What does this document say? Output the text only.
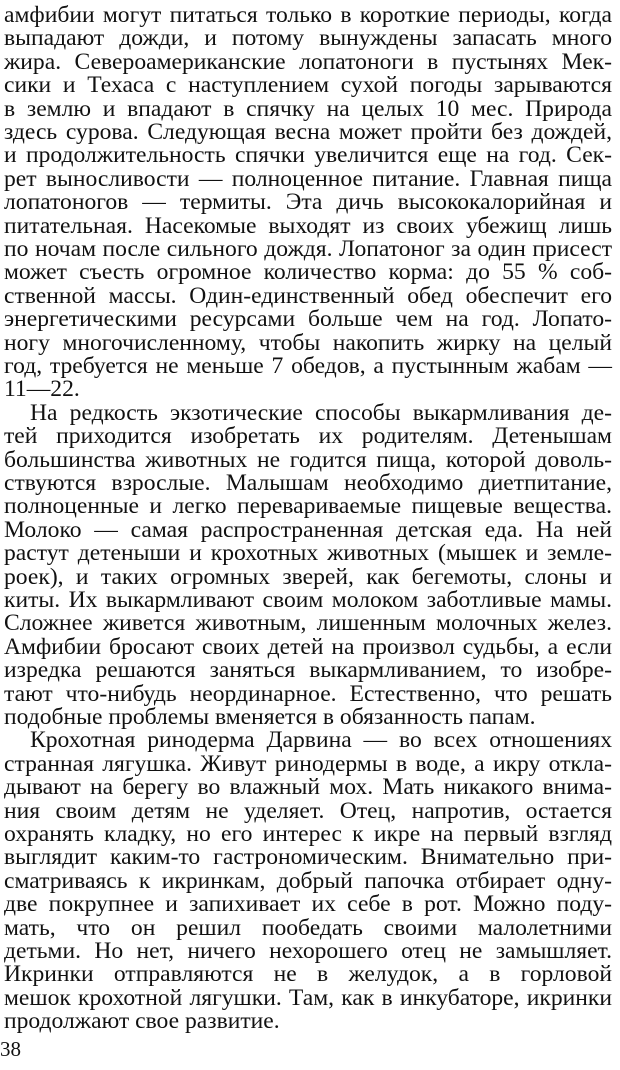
амфибии могут питаться только в короткие периоды, когда
выпадают дожди, и потому вынуждены запасать много
жира. Североамериканские лопатоноги в пустынях Мек-
сики и Техаса с наступлением сухой погоды зарываются
в землю и впадают в спячку на целых 10 мес. Природа
здесь сурова. Следующая весна может пройти без дождей,
и продолжительность спячки увеличится еще на год. Сек-
рет выносливости — полноценное питание. Главная пища
лопатоногов — термиты. Эта дичь высококалорийная и
питательная. Насекомые выходят из своих убежищ лишь
по ночам после сильного дождя. Лопатоног за один присест
может съесть огромное количество корма: до 55 % соб-
ственной массы. Один-единственный обед обеспечит его
энергетическими ресурсами больше чем на год. Лопато-
ногу многочисленному, чтобы накопить жирку на целый
год, требуется не меньше 7 обедов, а пустынным жабам —
11—22.
На редкость экзотические способы выкармливания де-
тей приходится изобретать их родителям. Детенышам
большинства животных не годится пища, которой доволь-
ствуются взрослые. Малышам необходимо диетпитание,
полноценные и легко перевариваемые пищевые вещества.
Молоко — самая распространенная детская еда. На ней
растут детеныши и крохотных животных (мышек и земле-
роек), и таких огромных зверей, как бегемоты, слоны и
киты. Их выкармливают своим молоком заботливые мамы.
Сложнее живется животным, лишенным молочных желез.
Амфибии бросают своих детей на произвол судьбы, а если
изредка решаются заняться выкармливанием, то изобре-
тают что-нибудь неординарное. Естественно, что решать
подобные проблемы вменяется в обязанность папам.
Крохотная ринодерма Дарвина — во всех отношениях
странная лягушка. Живут ринодермы в воде, а икру откла-
дывают на берегу во влажный мох. Мать никакого внима-
ния своим детям не уделяет. Отец, напротив, остается
охранять кладку, но его интерес к икре на первый взгляд
выглядит каким-то гастрономическим. Внимательно при-
сматриваясь к икринкам, добрый папочка отбирает одну-
две покрупнее и запихивает их себе в рот. Можно поду-
мать, что он решил пообедать своими малолетними
детьми. Но нет, ничего нехорошего отец не замышляет.
Икринки отправляются не в желудок, а в горловой
мешок крохотной лягушки. Там, как в инкубаторе, икринки
продолжают свое развитие.
38
